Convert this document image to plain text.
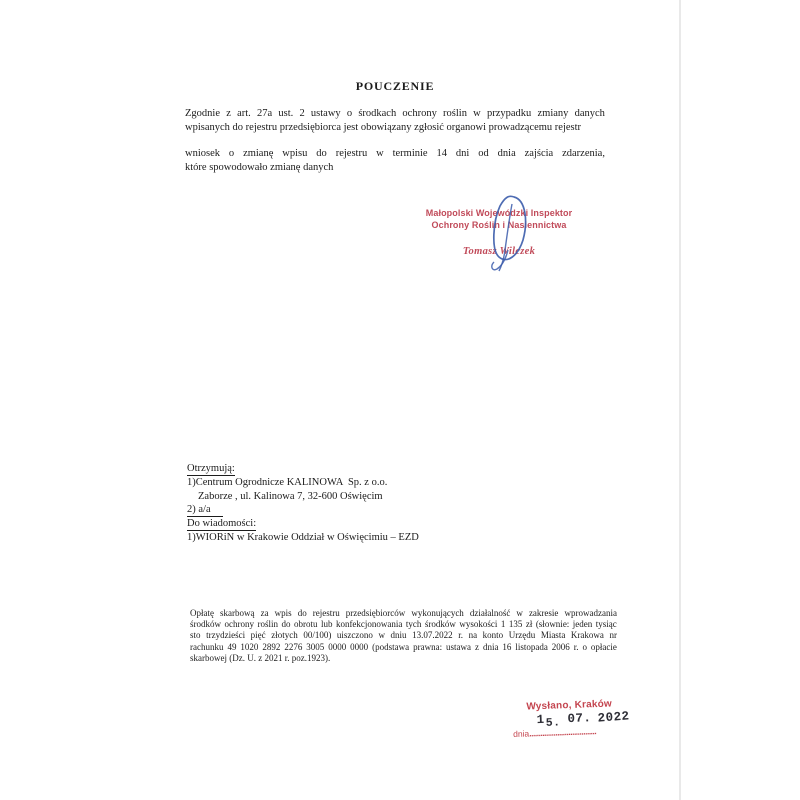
POUCZENIE
Zgodnie z art. 27a ust. 2 ustawy o środkach ochrony roślin w przypadku zmiany danych
wpisanych do rejestru przedsiębiorca jest obowiązany zgłosić organowi prowadzącemu rejestr
wniosek o zmianę wpisu do rejestru w terminie 14 dni od dnia zajścia zdarzenia,
które spowodowało zmianę danych
Małopolski Wojewódzki Inspektor
Ochrony Roślin i Nasiennictwa
Tomasz Wilczek
Otrzymują:
1)Centrum Ogrodnicze KALINOWA  Sp. z o.o.
Zaborze , ul. Kalinowa 7, 32-600 Oświęcim
2) a/a
Do wiadomości:
1)WIORiN w Krakowie Oddział w Oświęcimiu – EZD
Opłatę skarbową za wpis do rejestru przedsiębiorców wykonujących działalność w zakresie wprowadzania
środków ochrony roślin do obrotu lub konfekcjonowania tych środków wysokości 1 135 zł (słownie: jeden tysiąc
sto trzydzieści pięć złotych 00/100) uiszczono w dniu 13.07.2022 r. na konto Urzędu Miasta Krakowa nr
rachunku 49 1020 2892 2276 3005 0000 0000 (podstawa prawna: ustawa z dnia 16 listopada 2006 r. o opłacie
skarbowej (Dz. U. z 2021 r. poz.1923).
Wysłano, Kraków
1 5. 07. 2022
dnia ....................................
